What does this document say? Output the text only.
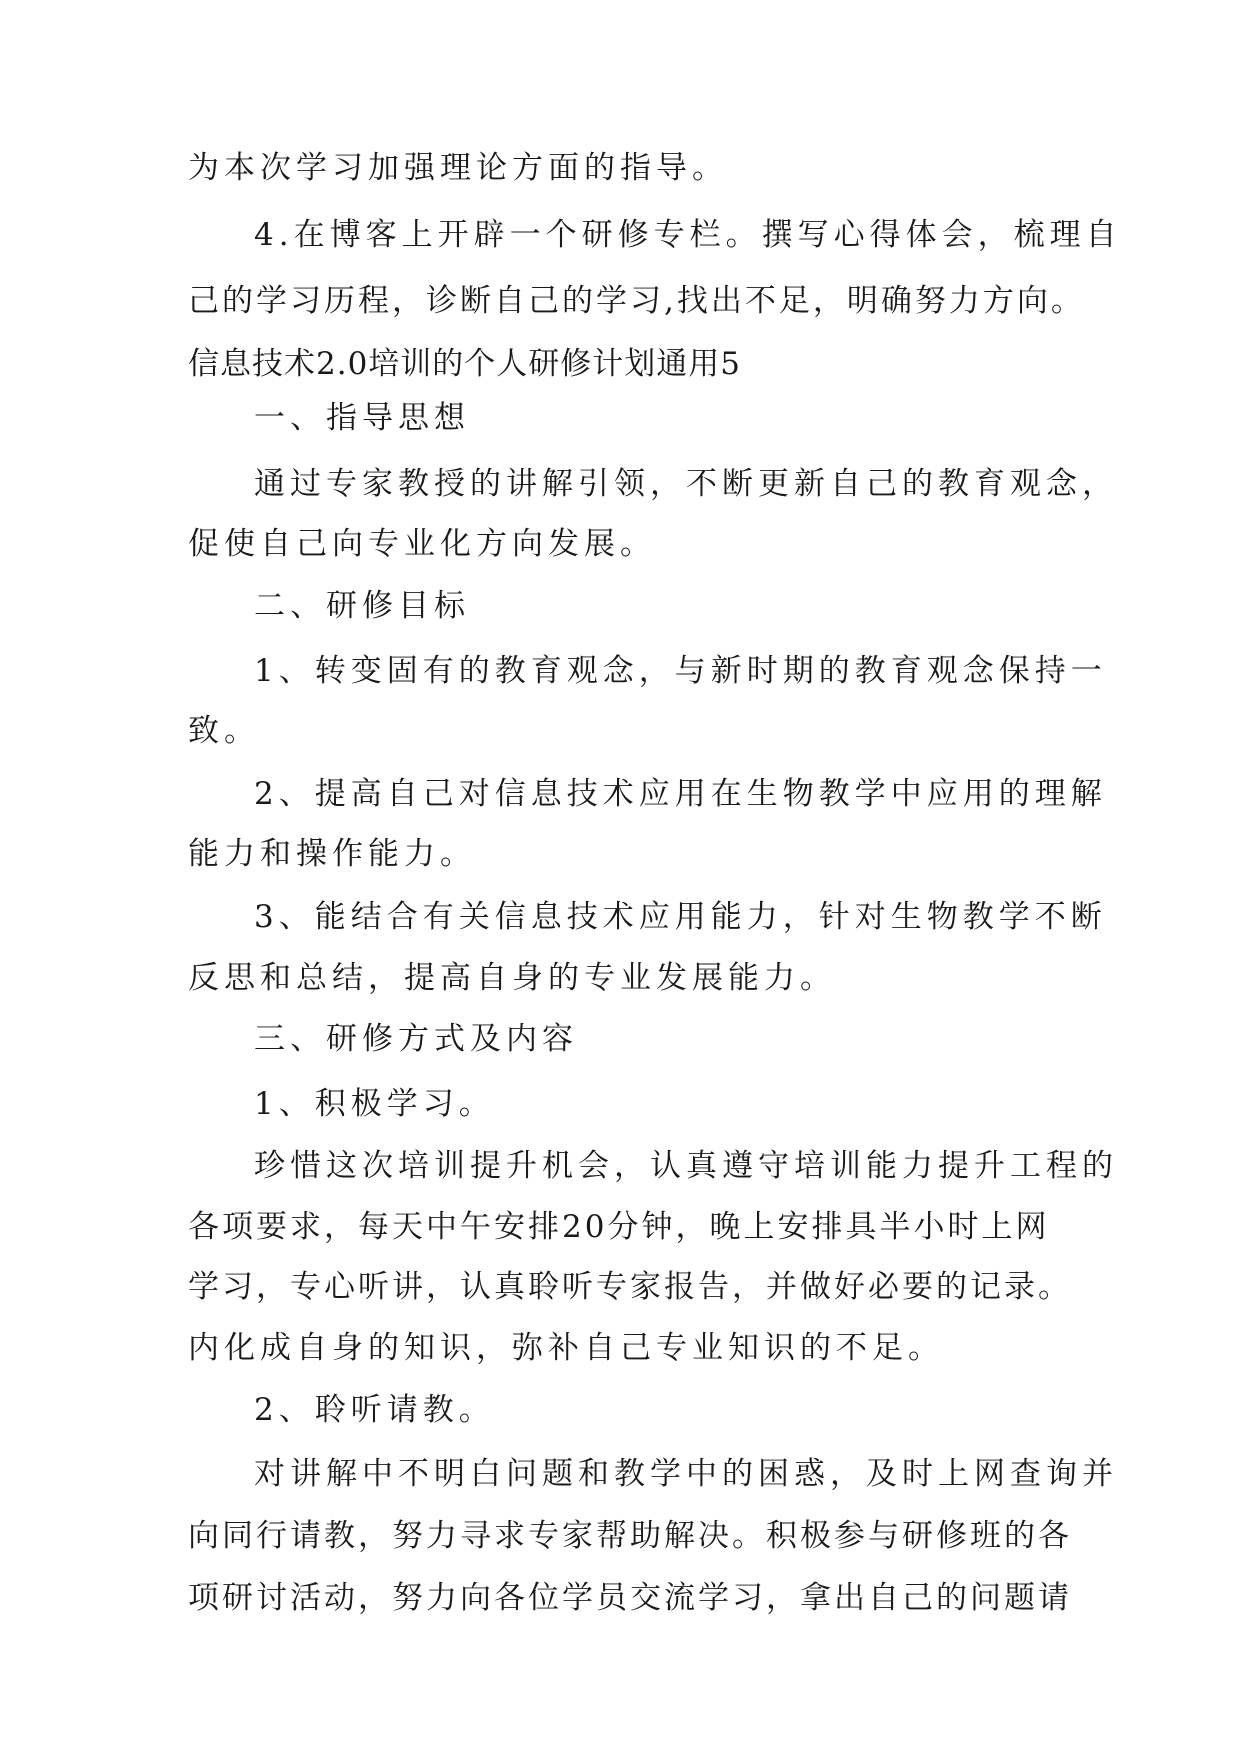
为本次学习加强理论方面的指导。
4.在博客上开辟一个研修专栏。撰写心得体会，梳理自
己的学习历程，诊断自己的学习,找出不足，明确努力方向。
信息技术2.0培训的个人研修计划通用5
一、指导思想
通过专家教授的讲解引领，不断更新自己的教育观念，
促使自己向专业化方向发展。
二、研修目标
1、转变固有的教育观念，与新时期的教育观念保持一
致。
2、提高自己对信息技术应用在生物教学中应用的理解
能力和操作能力。
3、能结合有关信息技术应用能力，针对生物教学不断
反思和总结，提高自身的专业发展能力。
三、研修方式及内容
1、积极学习。
珍惜这次培训提升机会，认真遵守培训能力提升工程的
各项要求，每天中午安排20分钟，晚上安排具半小时上网
学习，专心听讲，认真聆听专家报告，并做好必要的记录。
内化成自身的知识，弥补自己专业知识的不足。
2、聆听请教。
对讲解中不明白问题和教学中的困惑，及时上网查询并
向同行请教，努力寻求专家帮助解决。积极参与研修班的各
项研讨活动，努力向各位学员交流学习，拿出自己的问题请
